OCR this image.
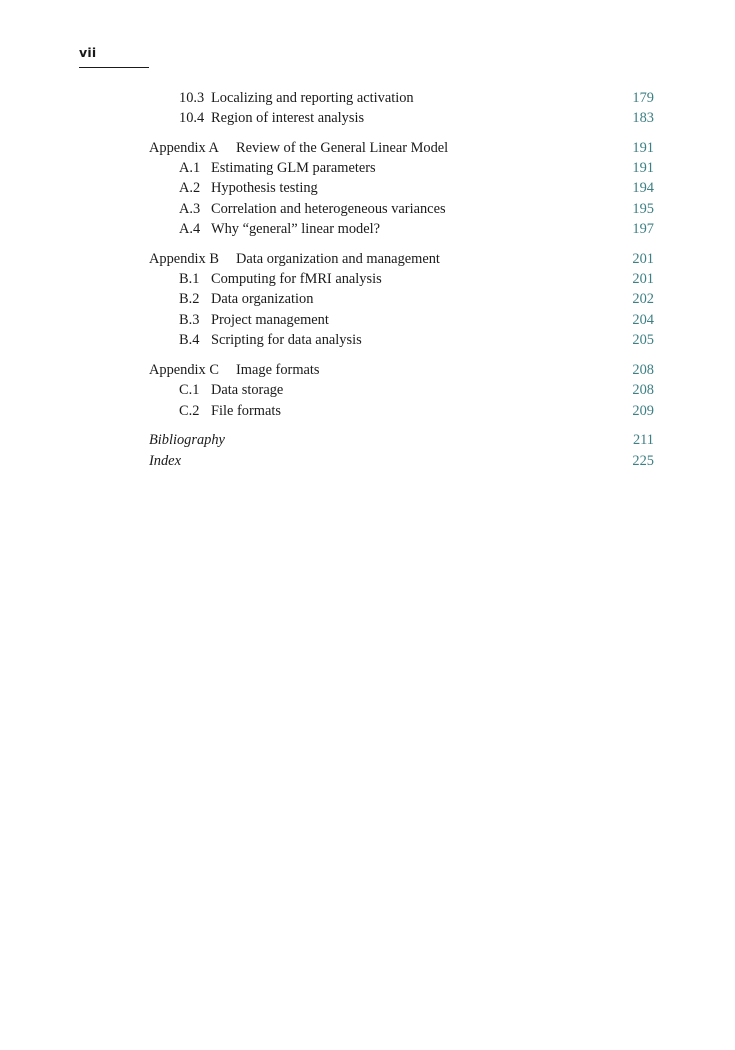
vii
10.3 Localizing and reporting activation	179
10.4 Region of interest analysis	183
Appendix A Review of the General Linear Model	191
A.1 Estimating GLM parameters	191
A.2 Hypothesis testing	194
A.3 Correlation and heterogeneous variances	195
A.4 Why “general” linear model?	197
Appendix B Data organization and management	201
B.1 Computing for fMRI analysis	201
B.2 Data organization	202
B.3 Project management	204
B.4 Scripting for data analysis	205
Appendix C Image formats	208
C.1 Data storage	208
C.2 File formats	209
Bibliography	211
Index	225
